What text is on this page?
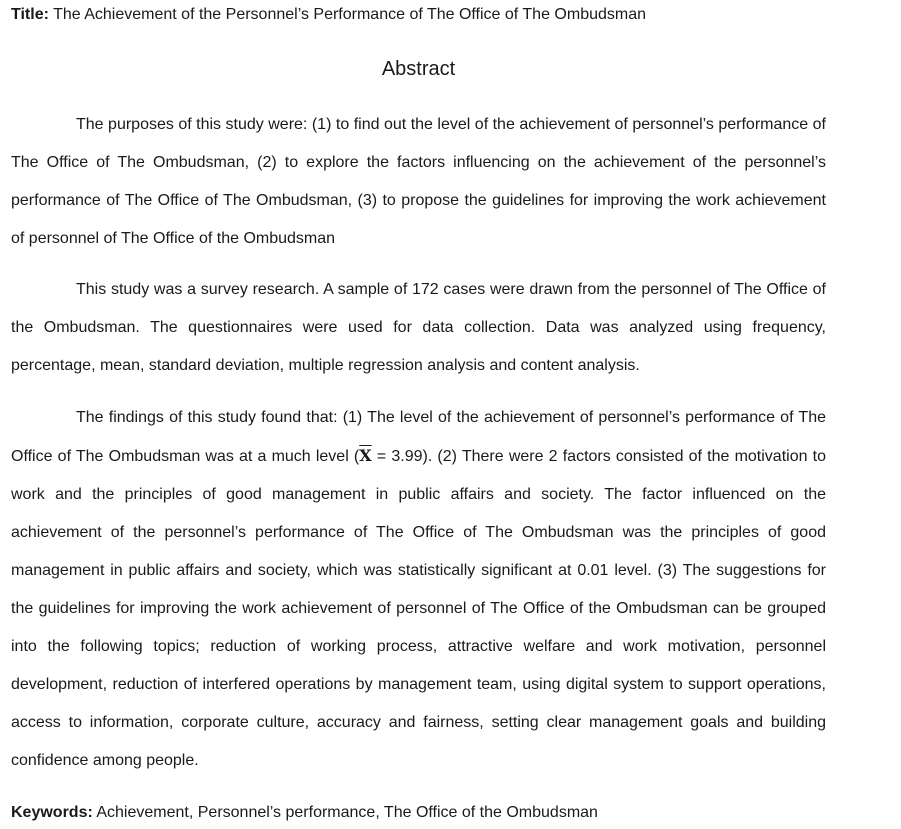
Title: The Achievement of the Personnel’s Performance of The Office of The Ombudsman
Abstract

The purposes of this study were: (1) to find out the level of the achievement of personnel’s performance of The Office of The Ombudsman, (2) to explore the factors influencing on the achievement of the personnel’s performance of The Office of The Ombudsman, (3) to propose the guidelines for improving the work achievement of personnel of The Office of the Ombudsman

This study was a survey research. A sample of 172 cases were drawn from the personnel of The Office of the Ombudsman. The questionnaires were used for data collection. Data was analyzed using frequency, percentage, mean, standard deviation, multiple regression analysis and content analysis.

The findings of this study found that: (1) The level of the achievement of personnel’s performance of The Office of The Ombudsman was at a much level $(\overline{X} = 3.99)$. (2) There were 2 factors consisted of the motivation to work and the principles of good management in public affairs and society. The factor influenced on the achievement of the personnel’s performance of The Office of The Ombudsman was the principles of good management in public affairs and society, which was statistically significant at 0.01 level. (3) The suggestions for the guidelines for improving the work achievement of personnel of The Office of the Ombudsman can be grouped into the following topics; reduction of working process, attractive welfare and work motivation, personnel development, reduction of interfered operations by management team, using digital system to support operations, access to information, corporate culture, accuracy and fairness, setting clear management goals and building confidence among people.

Keywords: Achievement, Personnel’s performance, The Office of the Ombudsman
